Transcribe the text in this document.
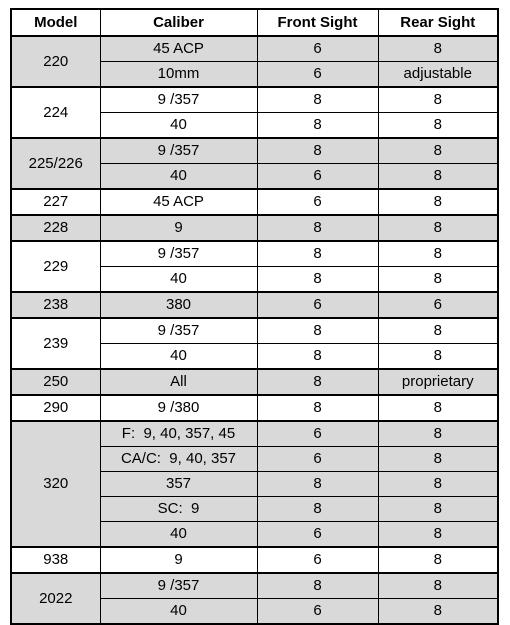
Model	Caliber	Front Sight	Rear Sight
220	45 ACP	6	8
	10mm	6	adjustable
224	9 /357	8	8
	40	8	8
225/226	9 /357	8	8
	40	6	8
227	45 ACP	6	8
228	9	8	8
229	9 /357	8	8
	40	8	8
238	380	6	6
239	9 /357	8	8
	40	8	8
250	All	8	proprietary
290	9 /380	8	8
320	F:  9, 40, 357, 45	6	8
	CA/C:  9, 40, 357	6	8
	357	8	8
	SC:  9	8	8
	40	6	8
938	9	6	8
2022	9 /357	8	8
	40	6	8
